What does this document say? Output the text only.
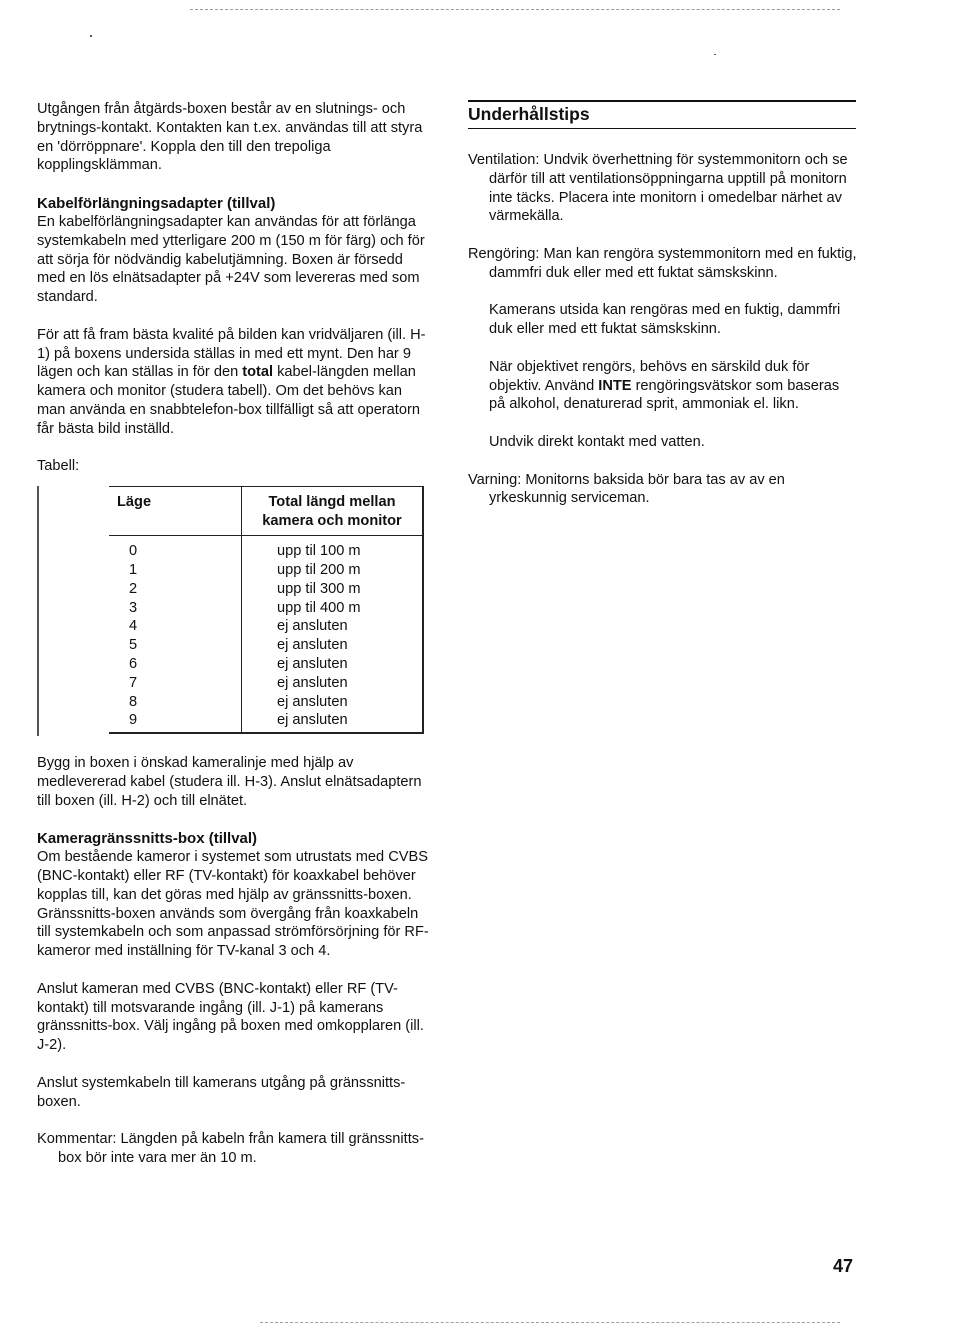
Utgången från åtgärds-boxen består av en slutnings- och brytnings-kontakt. Kontakten kan t.ex. användas till att styra en 'dörröppnare'. Koppla den till den trepoliga kopplingsklämman.

Kabelförlängningsadapter (tillval)

En kabelförlängningsadapter kan användas för att förlänga systemkabeln med ytterligare 200 m (150 m för färg) och för att sörja för nödvändig kabelutjämning. Boxen är försedd med en lös elnätsadapter på +24V som levereras med som standard.

För att få fram bästa kvalité på bilden kan vridväljaren (ill. H-1) på boxens undersida ställas in med ett mynt. Den har 9 lägen och kan ställas in för den total kabel-längden mellan kamera och monitor (studera tabell). Om det behövs kan man använda en snabbtelefon-box tillfälligt så att operatorn får bästa bild inställd.

Tabell:

Läge	Total längd mellan kamera och monitor
0	upp til 100 m
1	upp til 200 m
2	upp til 300 m
3	upp til 400 m
4	ej ansluten
5	ej ansluten
6	ej ansluten
7	ej ansluten
8	ej ansluten
9	ej ansluten

Bygg in boxen i önskad kameralinje med hjälp av medlevererad kabel (studera ill. H-3). Anslut elnätsadaptern till boxen (ill. H-2) och till elnätet.

Kameragränssnitts-box (tillval)

Om bestående kameror i systemet som utrustats med CVBS (BNC-kontakt) eller RF (TV-kontakt) för koaxkabel behöver kopplas till, kan det göras med hjälp av gränssnitts-boxen.

Gränssnitts-boxen används som övergång från koaxkabeln till systemkabeln och som anpassad strömförsörjning för RF-kameror med inställning för TV-kanal 3 och 4.

Anslut kameran med CVBS (BNC-kontakt) eller RF (TV-kontakt) till motsvarande ingång (ill. J-1) på kamerans gränssnitts-box. Välj ingång på boxen med omkopplaren (ill. J-2).

Anslut systemkabeln till kamerans utgång på gränssnitts-boxen.

Kommentar: Längden på kabeln från kamera till gränssnitts-box bör inte vara mer än 10 m.

Underhållstips

Ventilation: Undvik överhettning för systemmonitorn och se därför till att ventilationsöppningarna upptill på monitorn inte täcks. Placera inte monitorn i omedelbar närhet av värmekälla.

Rengöring: Man kan rengöra systemmonitorn med en fuktig, dammfri duk eller med ett fuktat sämskskinn.

Kamerans utsida kan rengöras med en fuktig, dammfri duk eller med ett fuktat sämskskinn.

När objektivet rengörs, behövs en särskild duk för objektiv. Använd INTE rengöringsvätskor som baseras på alkohol, denaturerad sprit, ammoniak el. likn.

Undvik direkt kontakt med vatten.

Varning: Monitorns baksida bör bara tas av av en yrkeskunnig serviceman.

47
